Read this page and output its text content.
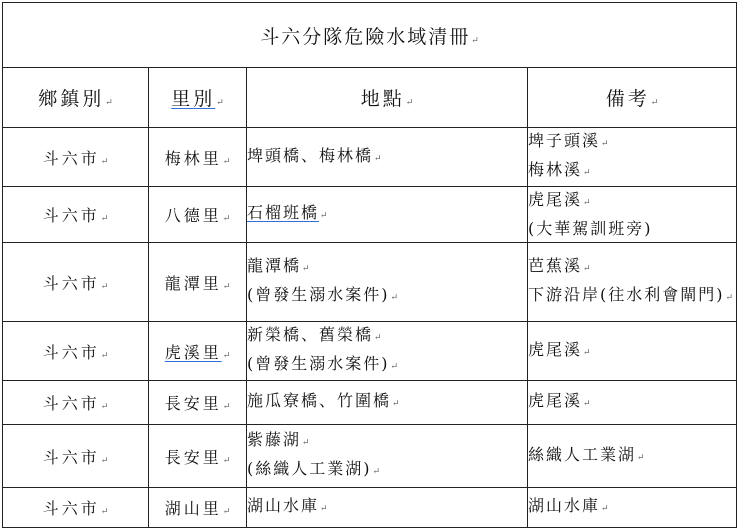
斗六分隊危險水域清冊↵			
鄉鎮別↵	里別↵	地點↵	備考↵
斗六市↵	梅林里↵	埤頭橋、梅林橋↵	埤子頭溪↵
梅林溪↵

斗六市↵	八德里↵	石榴班橋↵	虎尾溪↵
(大華駕訓班旁)

斗六市↵	龍潭里↵	龍潭橋↵
(曾發生溺水案件)↵	芭蕉溪↵
下游沿岸(往水利會閘門)↵

斗六市↵	虎溪里↵	新榮橋、舊榮橋↵
(曾發生溺水案件)↵	虎尾溪↵

斗六市↵	長安里↵	施瓜寮橋、竹圍橋↵	虎尾溪↵

斗六市↵	長安里↵	紫藤湖↵
(絲織人工業湖)↵	絲織人工業湖↵

斗六市↵	湖山里↵	湖山水庫↵	湖山水庫↵
